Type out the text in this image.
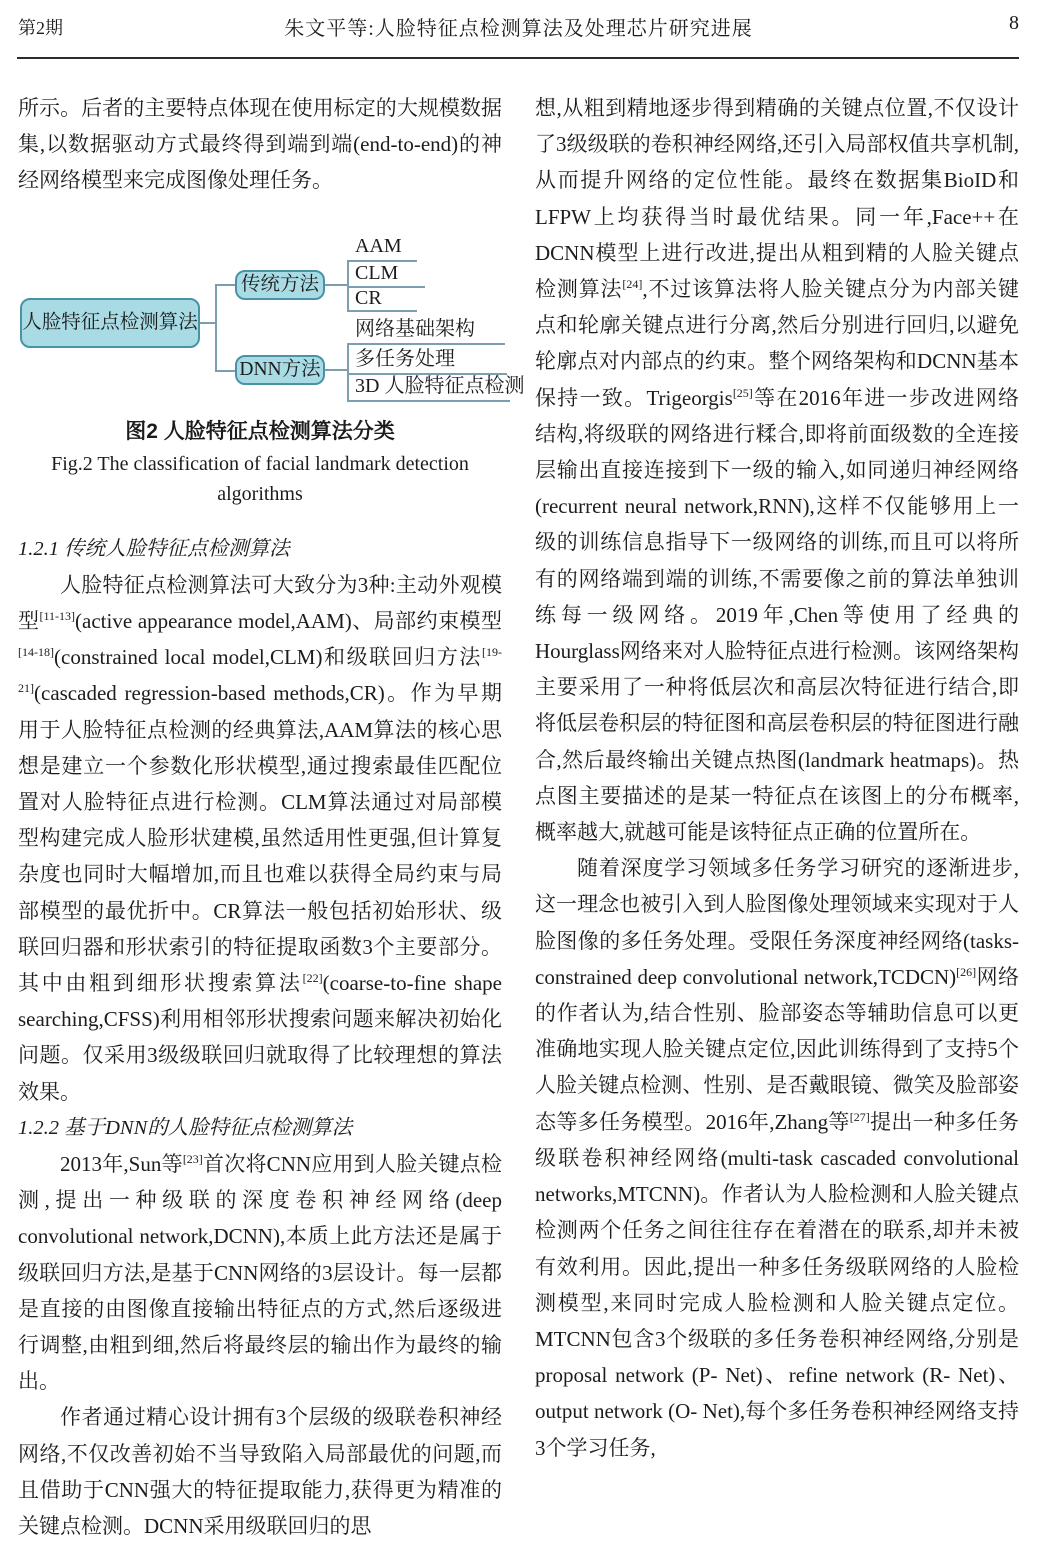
第2期	朱文平等:人脸特征点检测算法及处理芯片研究进展	8

所示。后者的主要特点体现在使用标定的大规模数据集,以数据驱动方式最终得到端到端(end-to-end)的神经网络模型来完成图像处理任务。

人脸特征点检测算法
传统方法
AAM
CLM
CR
DNN方法
网络基础架构
多任务处理
3D 人脸特征点检测
图2 人脸特征点检测算法分类
Fig.2 The classification of facial landmark detection algorithms
1.2.1 传统人脸特征点检测算法

人脸特征点检测算法可大致分为3种:主动外观模型[11-13](active appearance model,AAM)、局部约束模型[14-18](constrained local model,CLM)和级联回归方法[19-21](cascaded regression-based methods,CR)。作为早期用于人脸特征点检测的经典算法,AAM算法的核心思想是建立一个参数化形状模型,通过搜索最佳匹配位置对人脸特征点进行检测。CLM算法通过对局部模型构建完成人脸形状建模,虽然适用性更强,但计算复杂度也同时大幅增加,而且也难以获得全局约束与局部模型的最优折中。CR算法一般包括初始形状、级联回归器和形状索引的特征提取函数3个主要部分。其中由粗到细形状搜索算法[22](coarse-to-fine shape searching,CFSS)利用相邻形状搜索问题来解决初始化问题。仅采用3级级联回归就取得了比较理想的算法效果。

1.2.2 基于DNN的人脸特征点检测算法

2013年,Sun等[23]首次将CNN应用到人脸关键点检测,提出一种级联的深度卷积神经网络(deep convolutional network,DCNN),本质上此方法还是属于级联回归方法,是基于CNN网络的3层设计。每一层都是直接的由图像直接输出特征点的方式,然后逐级进行调整,由粗到细,然后将最终层的输出作为最终的输出。

作者通过精心设计拥有3个层级的级联卷积神经网络,不仅改善初始不当导致陷入局部最优的问题,而且借助于CNN强大的特征提取能力,获得更为精准的关键点检测。DCNN采用级联回归的思

想,从粗到精地逐步得到精确的关键点位置,不仅设计了3级级联的卷积神经网络,还引入局部权值共享机制,从而提升网络的定位性能。最终在数据集BioID和LFPW上均获得当时最优结果。同一年,Face++在DCNN模型上进行改进,提出从粗到精的人脸关键点检测算法[24],不过该算法将人脸关键点分为内部关键点和轮廓关键点进行分离,然后分别进行回归,以避免轮廓点对内部点的约束。整个网络架构和DCNN基本保持一致。Trigeorgis[25]等在2016年进一步改进网络结构,将级联的网络进行糅合,即将前面级数的全连接层输出直接连接到下一级的输入,如同递归神经网络(recurrent neural network,RNN),这样不仅能够用上一级的训练信息指导下一级网络的训练,而且可以将所有的网络端到端的训练,不需要像之前的算法单独训练每一级网络。2019年,Chen等使用了经典的Hourglass网络来对人脸特征点进行检测。该网络架构主要采用了一种将低层次和高层次特征进行结合,即将低层卷积层的特征图和高层卷积层的特征图进行融合,然后最终输出关键点热图(landmark heatmaps)。热点图主要描述的是某一特征点在该图上的分布概率,概率越大,就越可能是该特征点正确的位置所在。

随着深度学习领域多任务学习研究的逐渐进步,这一理念也被引入到人脸图像处理领域来实现对于人脸图像的多任务处理。受限任务深度神经网络(tasks- constrained deep convolutional network,TCDCN)[26]网络的作者认为,结合性别、脸部姿态等辅助信息可以更准确地实现人脸关键点定位,因此训练得到了支持5个人脸关键点检测、性别、是否戴眼镜、微笑及脸部姿态等多任务模型。2016年,Zhang等[27]提出一种多任务级联卷积神经网络(multi-task cascaded convolutional networks,MTCNN)。作者认为人脸检测和人脸关键点检测两个任务之间往往存在着潜在的联系,却并未被有效利用。因此,提出一种多任务级联网络的人脸检测模型,来同时完成人脸检测和人脸关键点定位。MTCNN包含3个级联的多任务卷积神经网络,分别是proposal network (P- Net)、refine network (R- Net)、output network (O- Net),每个多任务卷积神经网络支持3个学习任务,
